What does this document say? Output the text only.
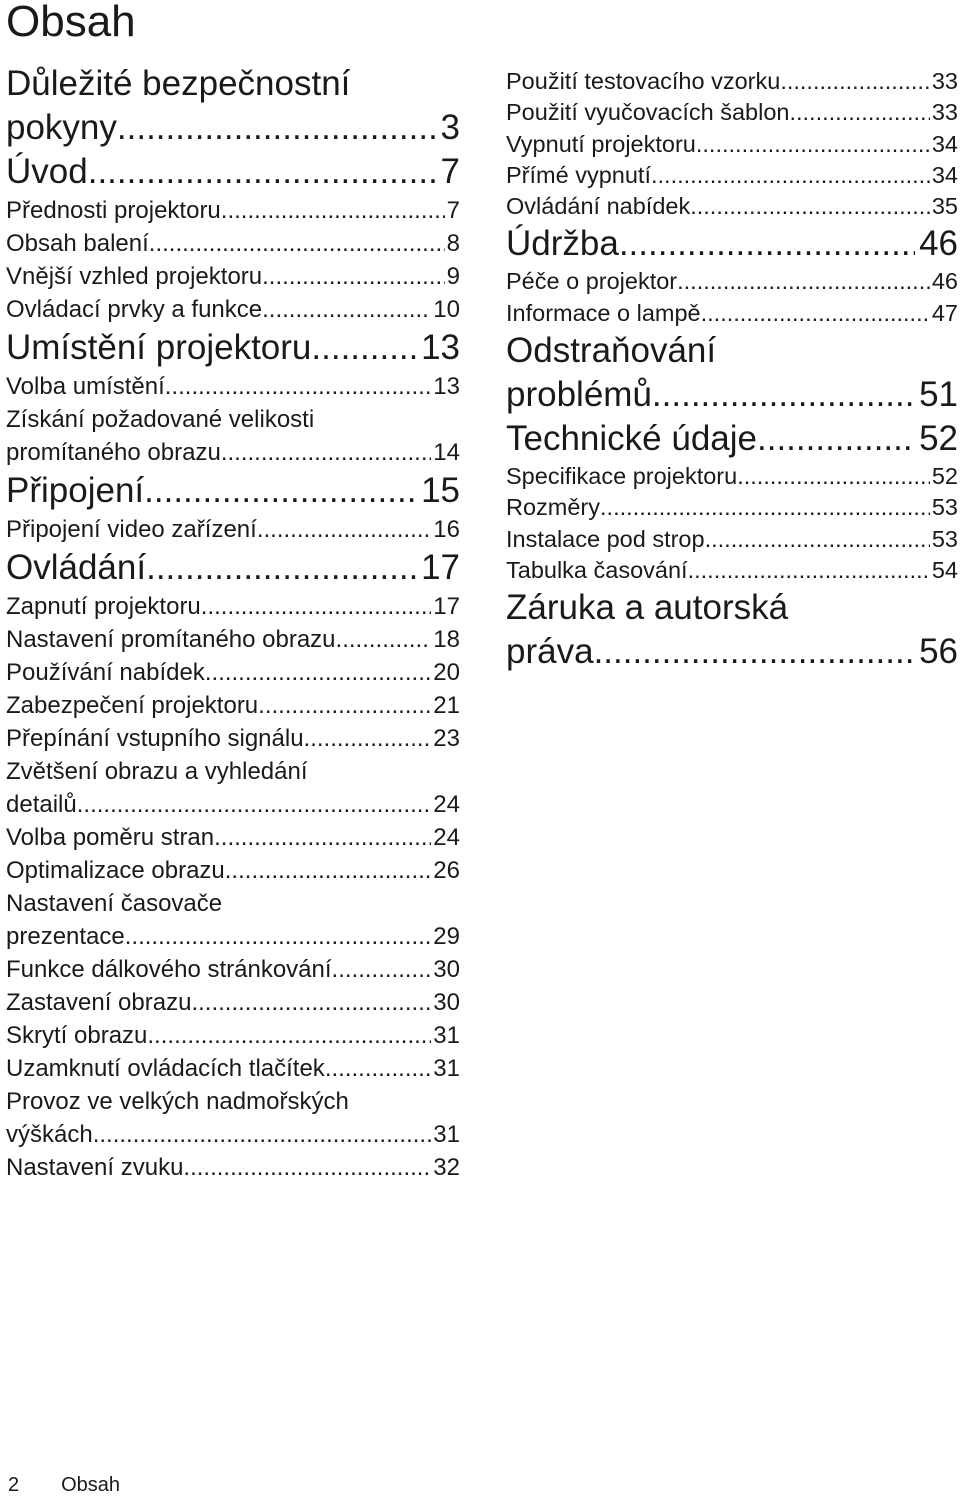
Obsah
Důležité bezpečnostní
pokyny .....	3
Úvod .....	7
Přednosti projektoru .....	7
Obsah balení .....	8
Vnější vzhled projektoru .....	9
Ovládací prvky a funkce .....	10
Umístění projektoru .....	13
Volba umístění .....	13
Získání požadované velikosti
promítaného obrazu .....	14
Připojení .....	15
Připojení video zařízení .....	16
Ovládání .....	17
Zapnutí projektoru .....	17
Nastavení promítaného obrazu .....	18
Používání nabídek .....	20
Zabezpečení projektoru .....	21
Přepínání vstupního signálu .....	23
Zvětšení obrazu a vyhledání
detailů .....	24
Volba poměru stran .....	24
Optimalizace obrazu .....	26
Nastavení časovače
prezentace .....	29
Funkce dálkového stránkování .....	30
Zastavení obrazu .....	30
Skrytí obrazu .....	31
Uzamknutí ovládacích tlačítek .....	31
Provoz ve velkých nadmořských
výškách .....	31
Nastavení zvuku .....	32
Použití testovacího vzorku .....	33
Použití vyučovacích šablon .....	33
Vypnutí projektoru .....	34
Přímé vypnutí .....	34
Ovládání nabídek .....	35
Údržba .....	46
Péče o projektor .....	46
Informace o lampě .....	47
Odstraňování
problémů .....	51
Technické údaje .....	52
Specifikace projektoru .....	52
Rozměry .....	53
Instalace pod strop .....	53
Tabulka časování .....	54
Záruka a autorská
práva .....	56
2 Obsah
